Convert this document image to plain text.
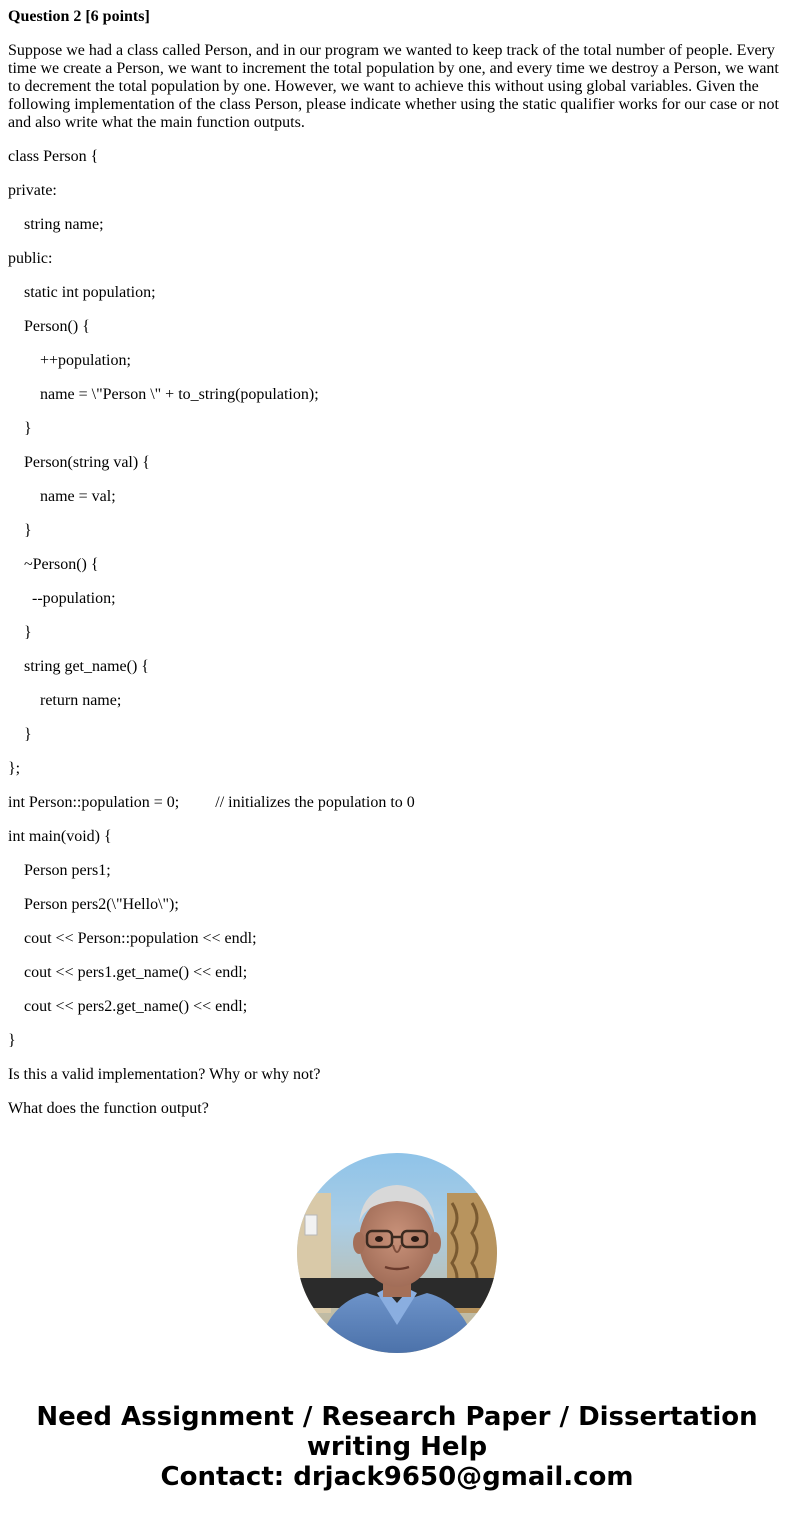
Question 2 [6 points]
Suppose we had a class called Person, and in our program we wanted to keep track of the total number of people. Every time we create a Person, we want to increment the total population by one, and every time we destroy a Person, we want to decrement the total population by one. However, we want to achieve this without using global variables. Given the following implementation of the class Person, please indicate whether using the static qualifier works for our case or not and also write what the main function outputs.
class Person {
private:
string name;
public:
static int population;
Person() {
++population;
name = \"Person \" + to_string(population);
}
Person(string val) {
name = val;
}
~Person() {
--population;
}
string get_name() {
return name;
}
};
int Person::population = 0;         // initializes the population to 0
int main(void) {
Person pers1;
Person pers2(\"Hello\");
cout << Person::population << endl;
cout << pers1.get_name() << endl;
cout << pers2.get_name() << endl;
}
Is this a valid implementation? Why or why not?
What does the function output?
Need Assignment / Research Paper / Dissertation
writing Help
Contact: drjack9650@gmail.com
